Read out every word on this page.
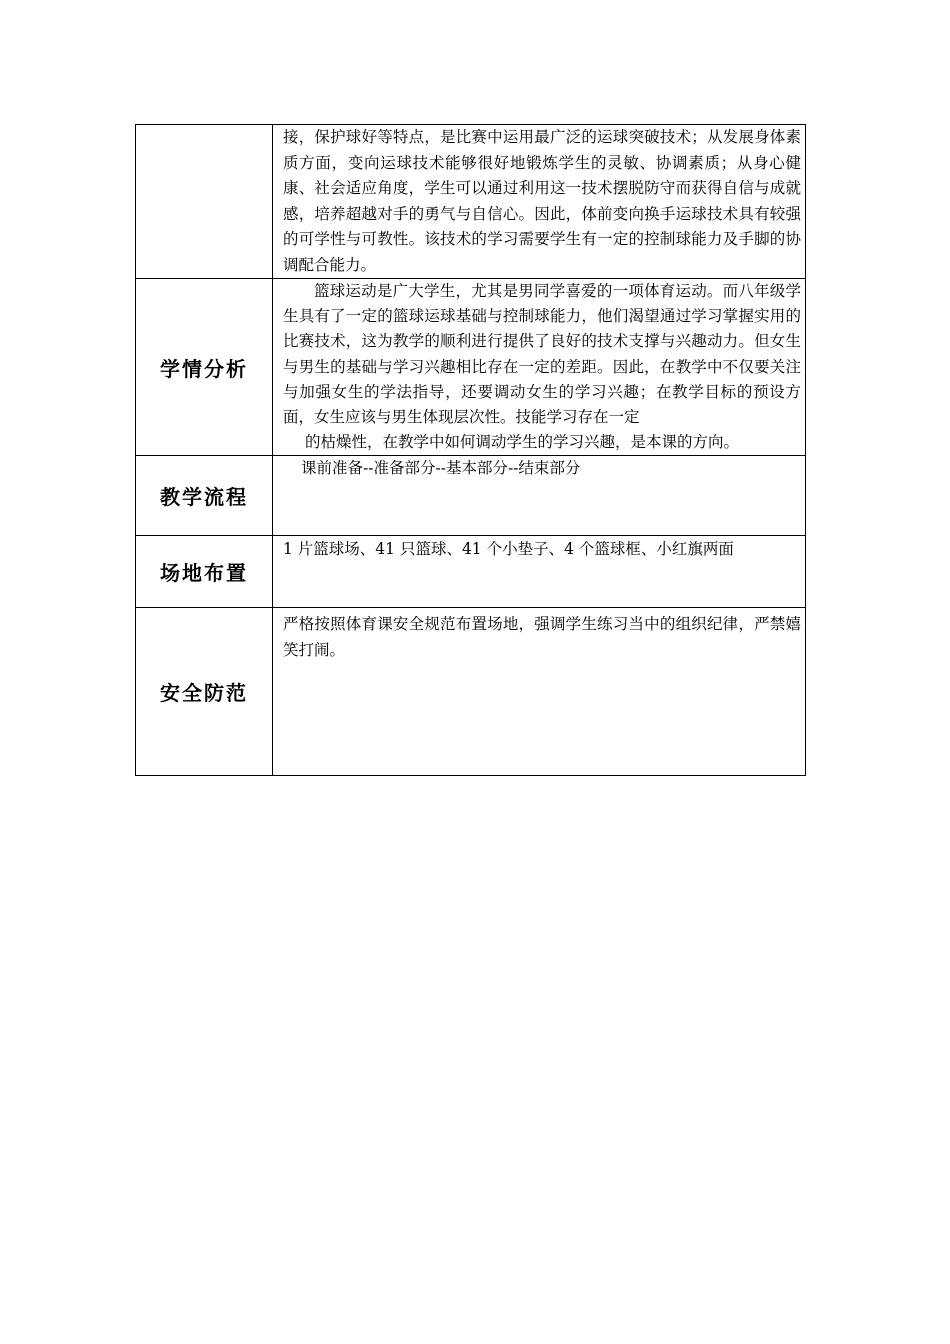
	接，保护球好等特点，是比赛中运用最广泛的运球突破技术；从发展身体素质方面，变向运球技术能够很好地锻炼学生的灵敏、协调素质；从身心健康、社会适应角度，学生可以通过利用这一技术摆脱防守而获得自信与成就感，培养超越对手的勇气与自信心。因此，体前变向换手运球技术具有较强的可学性与可教性。该技术的学习需要学生有一定的控制球能力及手脚的协调配合能力。

学情分析	篮球运动是广大学生，尤其是男同学喜爱的一项体育运动。而八年级学生具有了一定的篮球运球基础与控制球能力，他们渴望通过学习掌握实用的比赛技术，这为教学的顺利进行提供了良好的技术支撑与兴趣动力。但女生与男生的基础与学习兴趣相比存在一定的差距。因此，在教学中不仅要关注与加强女生的学法指导，还要调动女生的学习兴趣；在教学目标的预设方面，女生应该与男生体现层次性。技能学习存在一定
的枯燥性，在教学中如何调动学生的学习兴趣，是本课的方向。

教学流程	课前准备--准备部分--基本部分--结束部分

场地布置	1 片篮球场、41 只篮球、41 个小垫子、4 个篮球框、小红旗两面

安全防范	严格按照体育课安全规范布置场地，强调学生练习当中的组织纪律，严禁嬉笑打闹。
